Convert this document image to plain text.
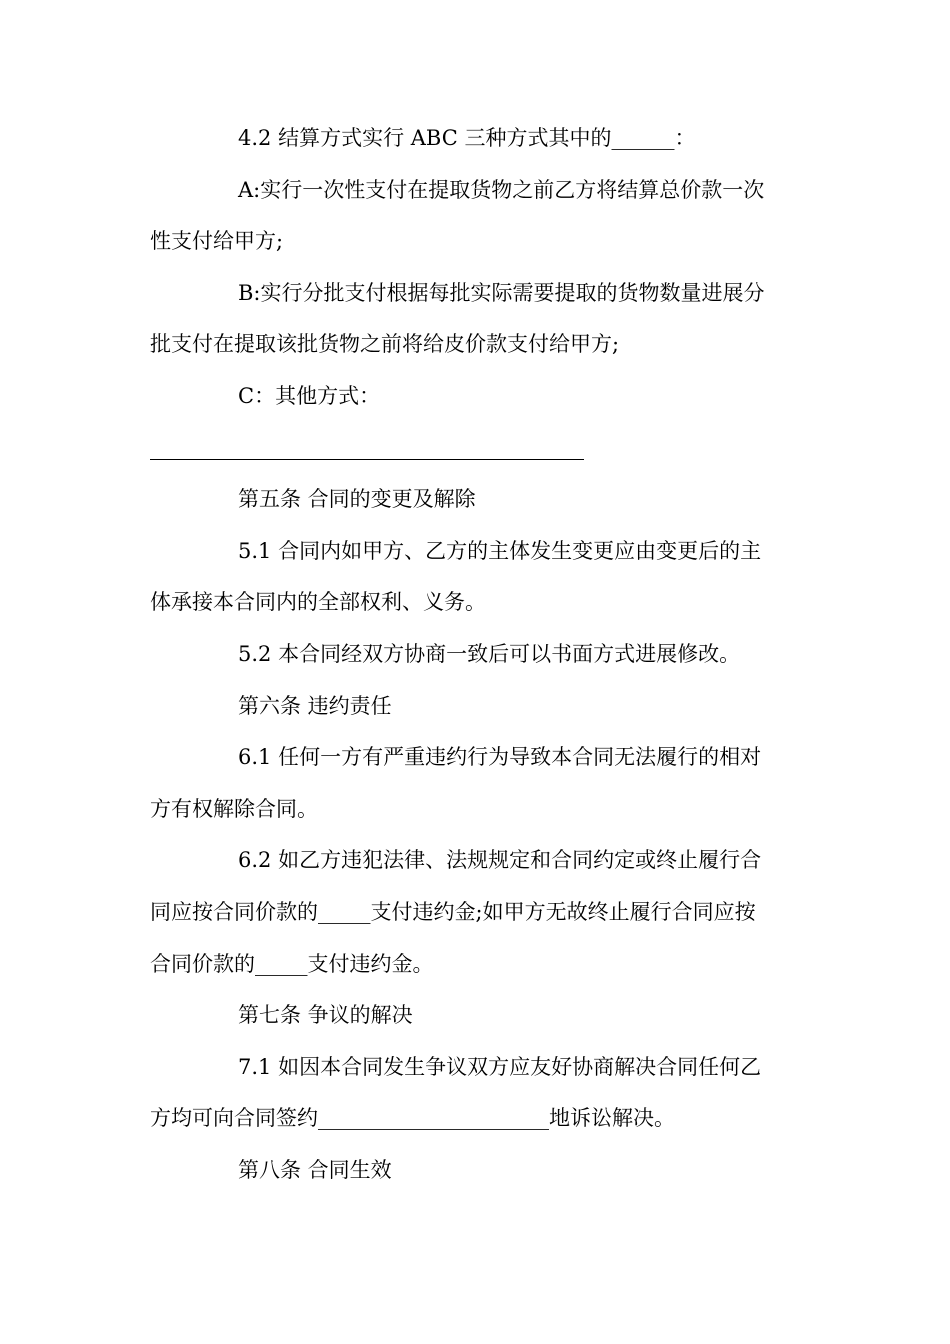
4.2 结算方式实行 ABC 三种方式其中的______：

A:实行一次性支付在提取货物之前乙方将结算总价款一次

性支付给甲方;

B:实行分批支付根据每批实际需要提取的货物数量进展分

批支付在提取该批货物之前将给皮价款支付给甲方;

C：其他方式：

第五条 合同的变更及解除

5.1 合同内如甲方、乙方的主体发生变更应由变更后的主

体承接本合同内的全部权利、义务。

5.2 本合同经双方协商一致后可以书面方式进展修改。

第六条 违约责任

6.1 任何一方有严重违约行为导致本合同无法履行的相对

方有权解除合同。

6.2 如乙方违犯法律、法规规定和合同约定或终止履行合

同应按合同价款的_____支付违约金;如甲方无故终止履行合同应按

合同价款的_____支付违约金。

第七条 争议的解决

7.1 如因本合同发生争议双方应友好协商解决合同任何乙

方均可向合同签约______________________地诉讼解决。

第八条 合同生效
